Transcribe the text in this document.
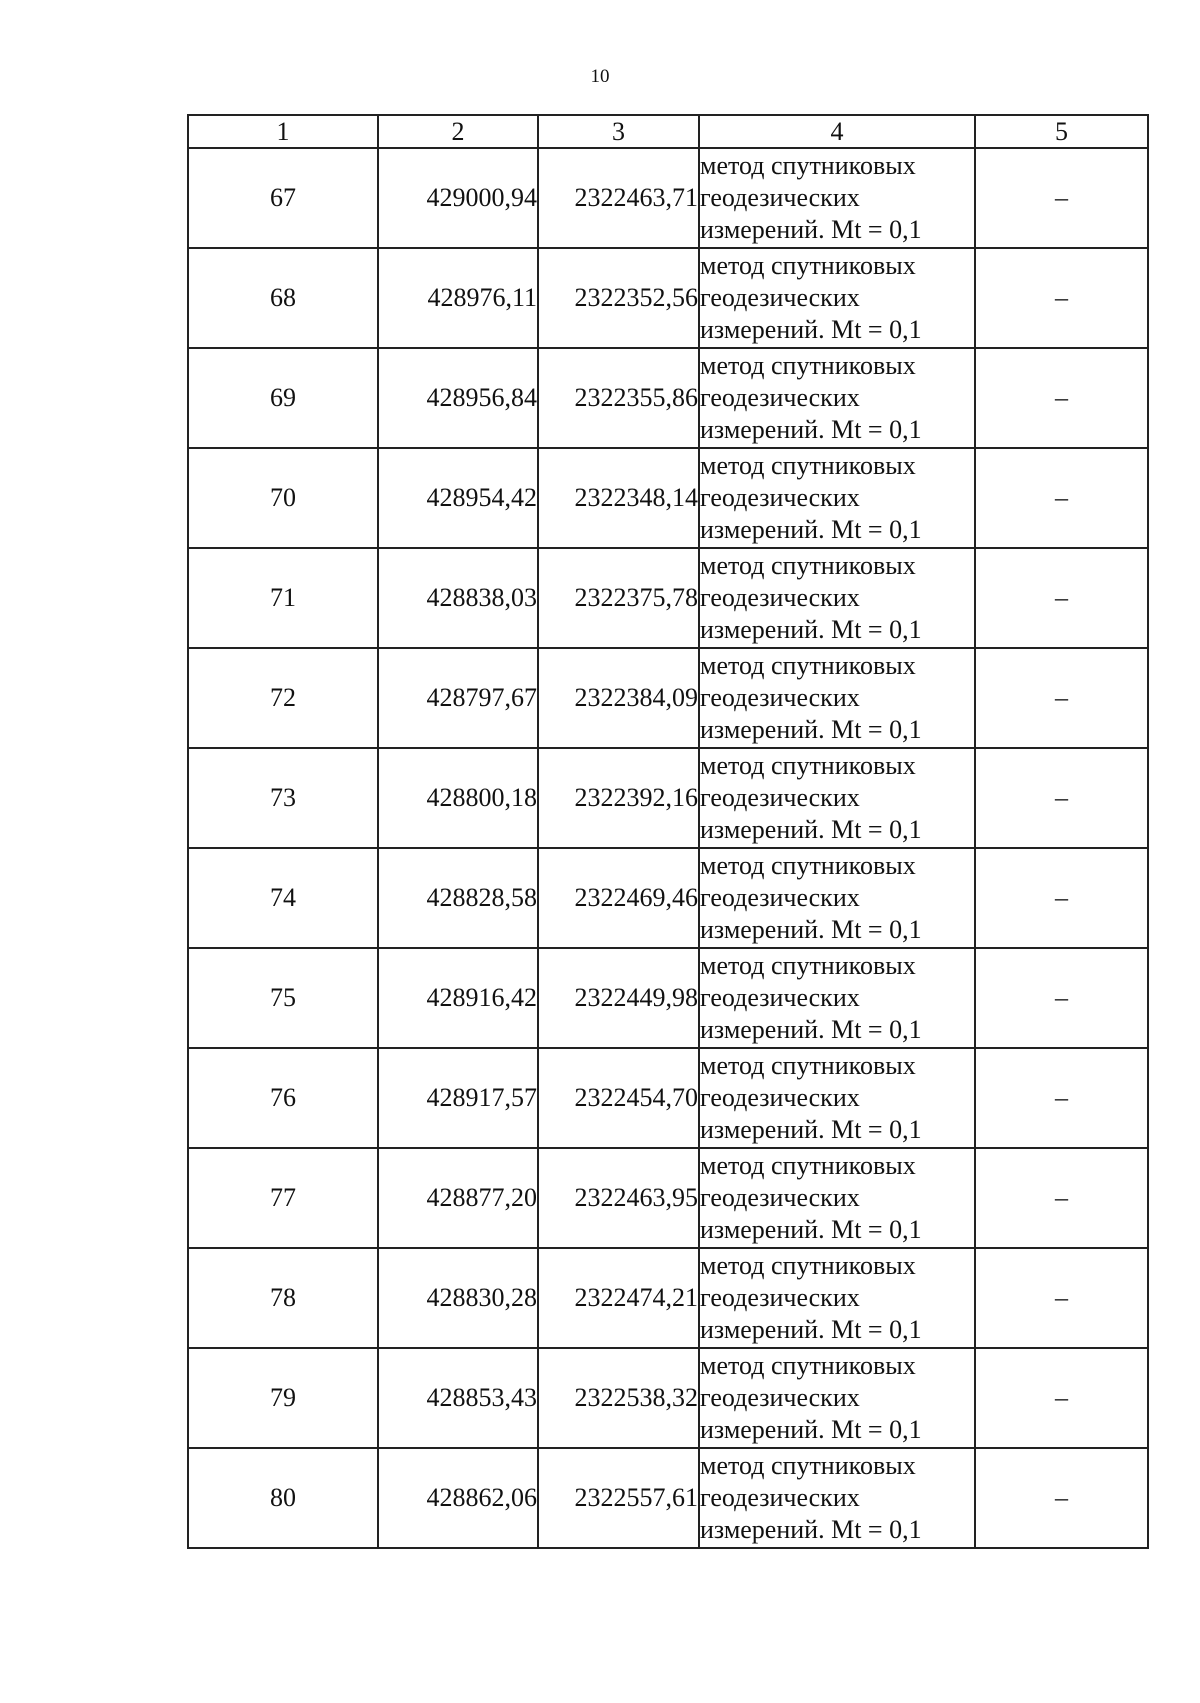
10
1	2	3	4	5
67	429000,94	2322463,71	метод спутниковых геодезических измерений. Mt = 0,1	–
68	428976,11	2322352,56	метод спутниковых геодезических измерений. Mt = 0,1	–
69	428956,84	2322355,86	метод спутниковых геодезических измерений. Mt = 0,1	–
70	428954,42	2322348,14	метод спутниковых геодезических измерений. Mt = 0,1	–
71	428838,03	2322375,78	метод спутниковых геодезических измерений. Mt = 0,1	–
72	428797,67	2322384,09	метод спутниковых геодезических измерений. Mt = 0,1	–
73	428800,18	2322392,16	метод спутниковых геодезических измерений. Mt = 0,1	–
74	428828,58	2322469,46	метод спутниковых геодезических измерений. Mt = 0,1	–
75	428916,42	2322449,98	метод спутниковых геодезических измерений. Mt = 0,1	–
76	428917,57	2322454,70	метод спутниковых геодезических измерений. Mt = 0,1	–
77	428877,20	2322463,95	метод спутниковых геодезических измерений. Mt = 0,1	–
78	428830,28	2322474,21	метод спутниковых геодезических измерений. Mt = 0,1	–
79	428853,43	2322538,32	метод спутниковых геодезических измерений. Mt = 0,1	–
80	428862,06	2322557,61	метод спутниковых геодезических измерений. Mt = 0,1	–
